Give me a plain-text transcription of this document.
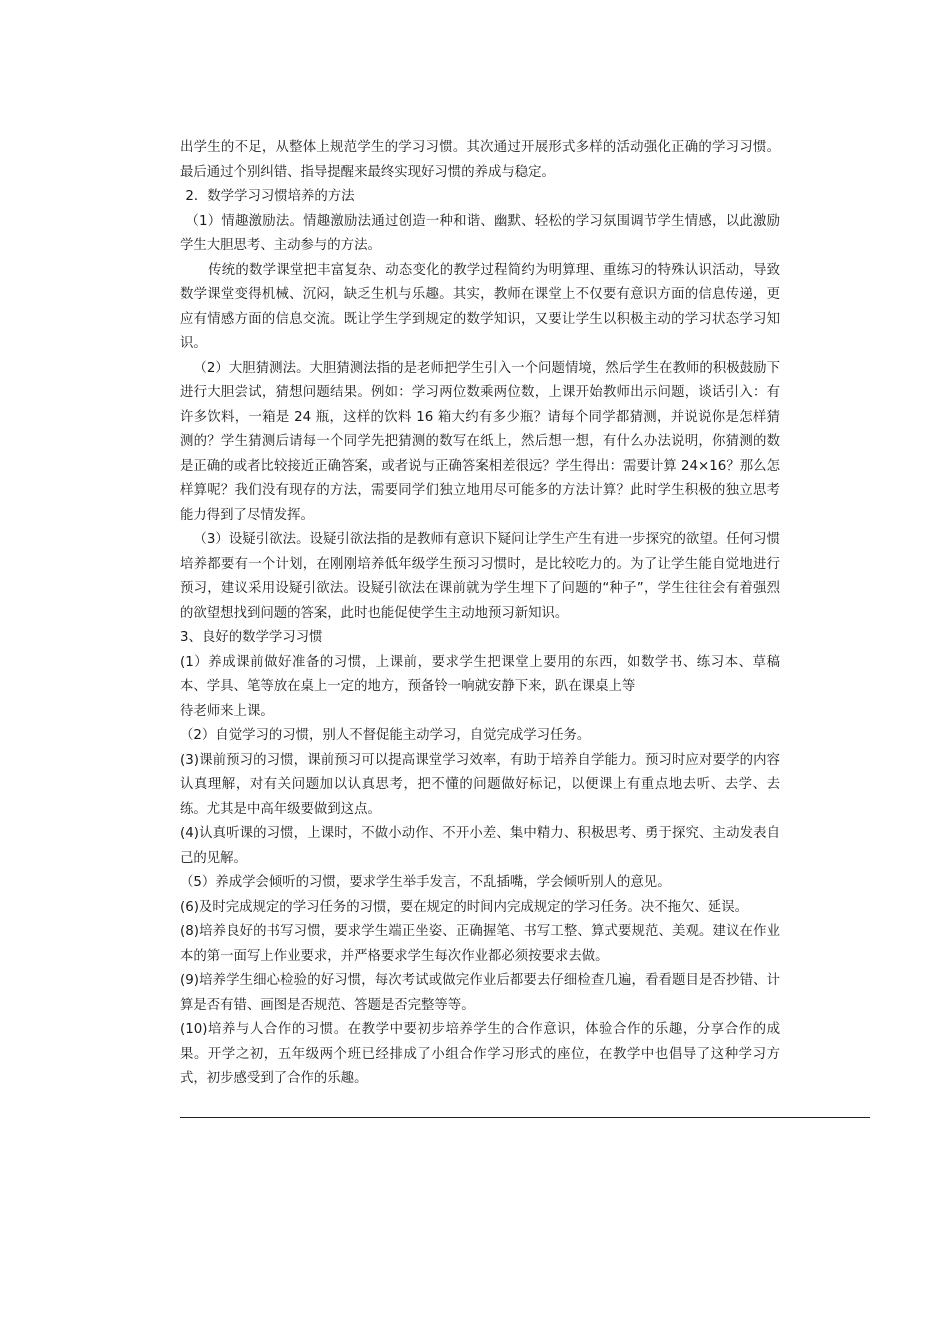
出学生的不足，从整体上规范学生的学习习惯。其次通过开展形式多样的活动强化正确的学习习惯。最后通过个别纠错、指导提醒来最终实现好习惯的养成与稳定。

2．数学学习习惯培养的方法

（1）情趣激励法。情趣激励法通过创造一种和谐、幽默、轻松的学习氛围调节学生情感，以此激励学生大胆思考、主动参与的方法。

传统的数学课堂把丰富复杂、动态变化的教学过程简约为明算理、重练习的特殊认识活动，导致数学课堂变得机械、沉闷，缺乏生机与乐趣。其实，教师在课堂上不仅要有意识方面的信息传递，更应有情感方面的信息交流。既让学生学到规定的数学知识，又要让学生以积极主动的学习状态学习知识。

（2）大胆猜测法。大胆猜测法指的是老师把学生引入一个问题情境，然后学生在教师的积极鼓励下进行大胆尝试，猜想问题结果。例如：学习两位数乘两位数，上课开始教师出示问题，谈话引入：有许多饮料，一箱是 24 瓶，这样的饮料 16 箱大约有多少瓶？请每个同学都猜测，并说说你是怎样猜测的？学生猜测后请每一个同学先把猜测的数写在纸上，然后想一想，有什么办法说明，你猜测的数是正确的或者比较接近正确答案，或者说与正确答案相差很远？学生得出：需要计算 24×16？那么怎样算呢？我们没有现存的方法，需要同学们独立地用尽可能多的方法计算？此时学生积极的独立思考能力得到了尽情发挥。

（3）设疑引欲法。设疑引欲法指的是教师有意识下疑问让学生产生有进一步探究的欲望。任何习惯培养都要有一个计划，在刚刚培养低年级学生预习习惯时，是比较吃力的。为了让学生能自觉地进行预习，建议采用设疑引欲法。设疑引欲法在课前就为学生埋下了问题的“种子”，学生往往会有着强烈的欲望想找到问题的答案，此时也能促使学生主动地预习新知识。

3、良好的数学学习习惯

(1）养成课前做好准备的习惯，上课前，要求学生把课堂上要用的东西，如数学书、练习本、草稿本、学具、笔等放在桌上一定的地方，预备铃一响就安静下来，趴在课桌上等

待老师来上课。

（2）自觉学习的习惯，别人不督促能主动学习，自觉完成学习任务。

(3)课前预习的习惯，课前预习可以提高课堂学习效率，有助于培养自学能力。预习时应对要学的内容认真理解，对有关问题加以认真思考，把不懂的问题做好标记，以便课上有重点地去听、去学、去练。尤其是中高年级要做到这点。

(4)认真听课的习惯，上课时，不做小动作、不开小差、集中精力、积极思考、勇于探究、主动发表自己的见解。

（5）养成学会倾听的习惯，要求学生举手发言，不乱插嘴，学会倾听别人的意见。

(6)及时完成规定的学习任务的习惯，要在规定的时间内完成规定的学习任务。决不拖欠、延误。

(8)培养良好的书写习惯，要求学生端正坐姿、正确握笔、书写工整、算式要规范、美观。建议在作业本的第一面写上作业要求，并严格要求学生每次作业都必须按要求去做。

(9)培养学生细心检验的好习惯，每次考试或做完作业后都要去仔细检查几遍，看看题目是否抄错、计算是否有错、画图是否规范、答题是否完整等等。

(10)培养与人合作的习惯。在教学中要初步培养学生的合作意识，体验合作的乐趣，分享合作的成果。开学之初，五年级两个班已经排成了小组合作学习形式的座位，在教学中也倡导了这种学习方式，初步感受到了合作的乐趣。
